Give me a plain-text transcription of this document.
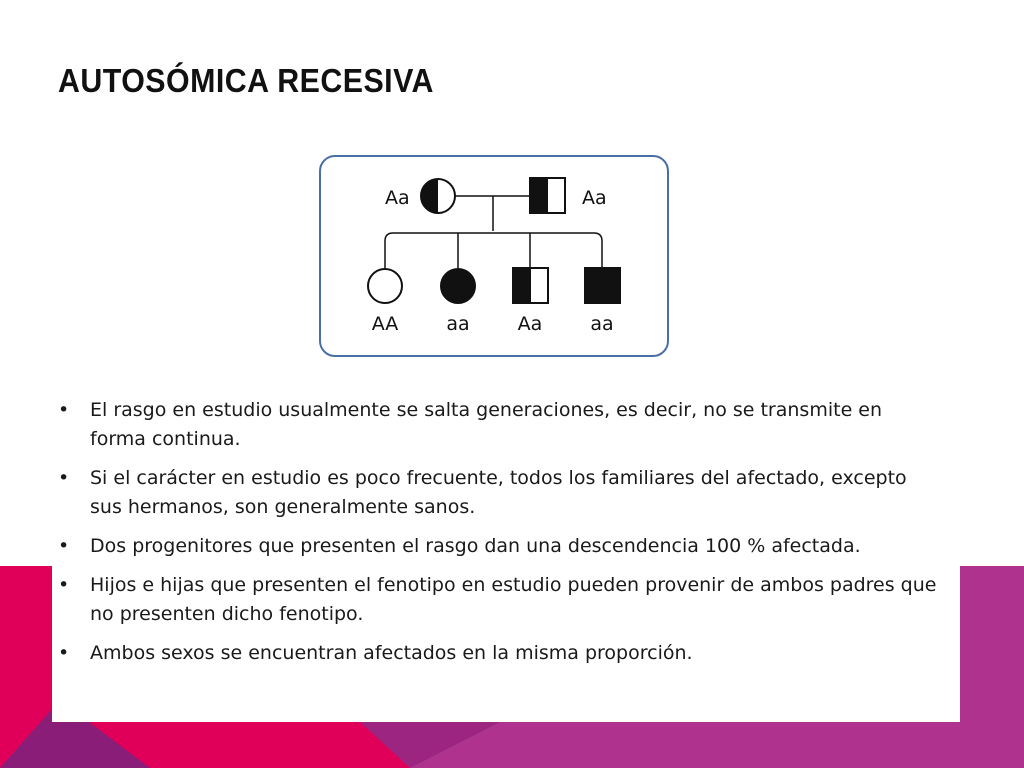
AUTOSÓMICA RECESIVA
Aa	Aa
AA	aa	Aa	aa
• El rasgo en estudio usualmente se salta generaciones, es decir, no se transmite en forma continua.
• Si el carácter en estudio es poco frecuente, todos los familiares del afectado, excepto sus hermanos, son generalmente sanos.
• Dos progenitores que presenten el rasgo dan una descendencia 100 % afectada.
• Hijos e hijas que presenten el fenotipo en estudio pueden provenir de ambos padres que no presenten dicho fenotipo.
• Ambos sexos se encuentran afectados en la misma proporción.
